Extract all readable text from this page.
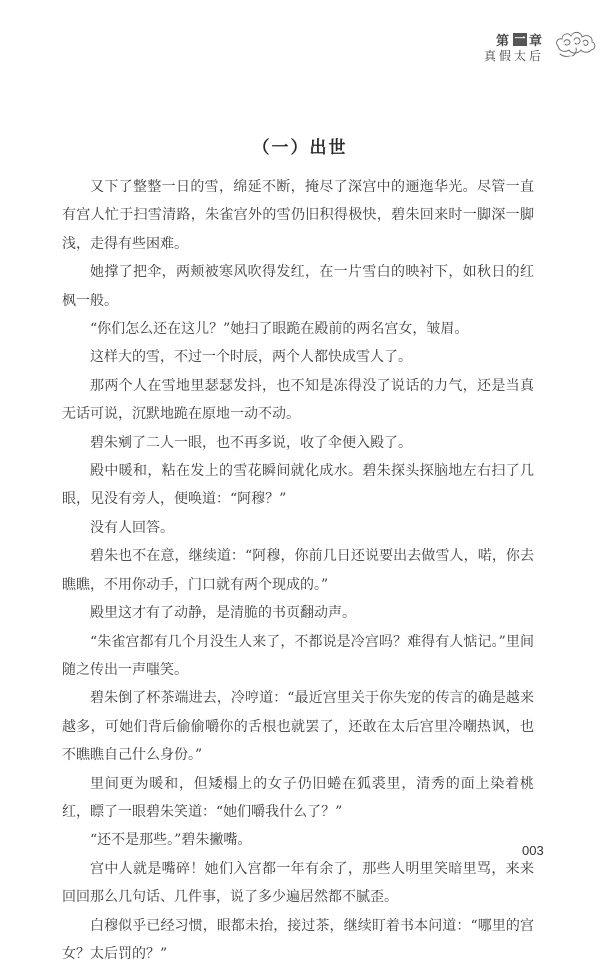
第 一 章
真假太后
（一）出世

又下了整整一日的雪，绵延不断，掩尽了深宫中的逦迤华光。尽管一直有宫人忙于扫雪清路，朱雀宫外的雪仍旧积得极快，碧朱回来时一脚深一脚浅，走得有些困难。

她撑了把伞，两颊被寒风吹得发红，在一片雪白的映衬下，如秋日的红枫一般。

“你们怎么还在这儿？”她扫了眼跪在殿前的两名宫女，皱眉。

这样大的雪，不过一个时辰，两个人都快成雪人了。

那两个人在雪地里瑟瑟发抖，也不知是冻得没了说话的力气，还是当真无话可说，沉默地跪在原地一动不动。

碧朱剜了二人一眼，也不再多说，收了伞便入殿了。

殿中暖和，粘在发上的雪花瞬间就化成水。碧朱探头探脑地左右扫了几眼，见没有旁人，便唤道：“阿穆？”

没有人回答。

碧朱也不在意，继续道：“阿穆，你前几日还说要出去做雪人，喏，你去瞧瞧，不用你动手，门口就有两个现成的。”

殿里这才有了动静，是清脆的书页翻动声。

“朱雀宫都有几个月没生人来了，不都说是冷宫吗？难得有人惦记。”里间随之传出一声嗤笑。

碧朱倒了杯茶端进去，冷哼道：“最近宫里关于你失宠的传言的确是越来越多，可她们背后偷偷嚼你的舌根也就罢了，还敢在太后宫里冷嘲热讽，也不瞧瞧自己什么身份。”

里间更为暖和，但矮榻上的女子仍旧蜷在狐裘里，清秀的面上染着桃红，瞟了一眼碧朱笑道：“她们嚼我什么了？”

“还不是那些。”碧朱撇嘴。

宫中人就是嘴碎！她们入宫都一年有余了，那些人明里笑暗里骂，来来回回那么几句话、几件事，说了多少遍居然都不腻歪。

白穆似乎已经习惯，眼都未抬，接过茶，继续盯着书本问道：“哪里的宫女？太后罚的？”

003
